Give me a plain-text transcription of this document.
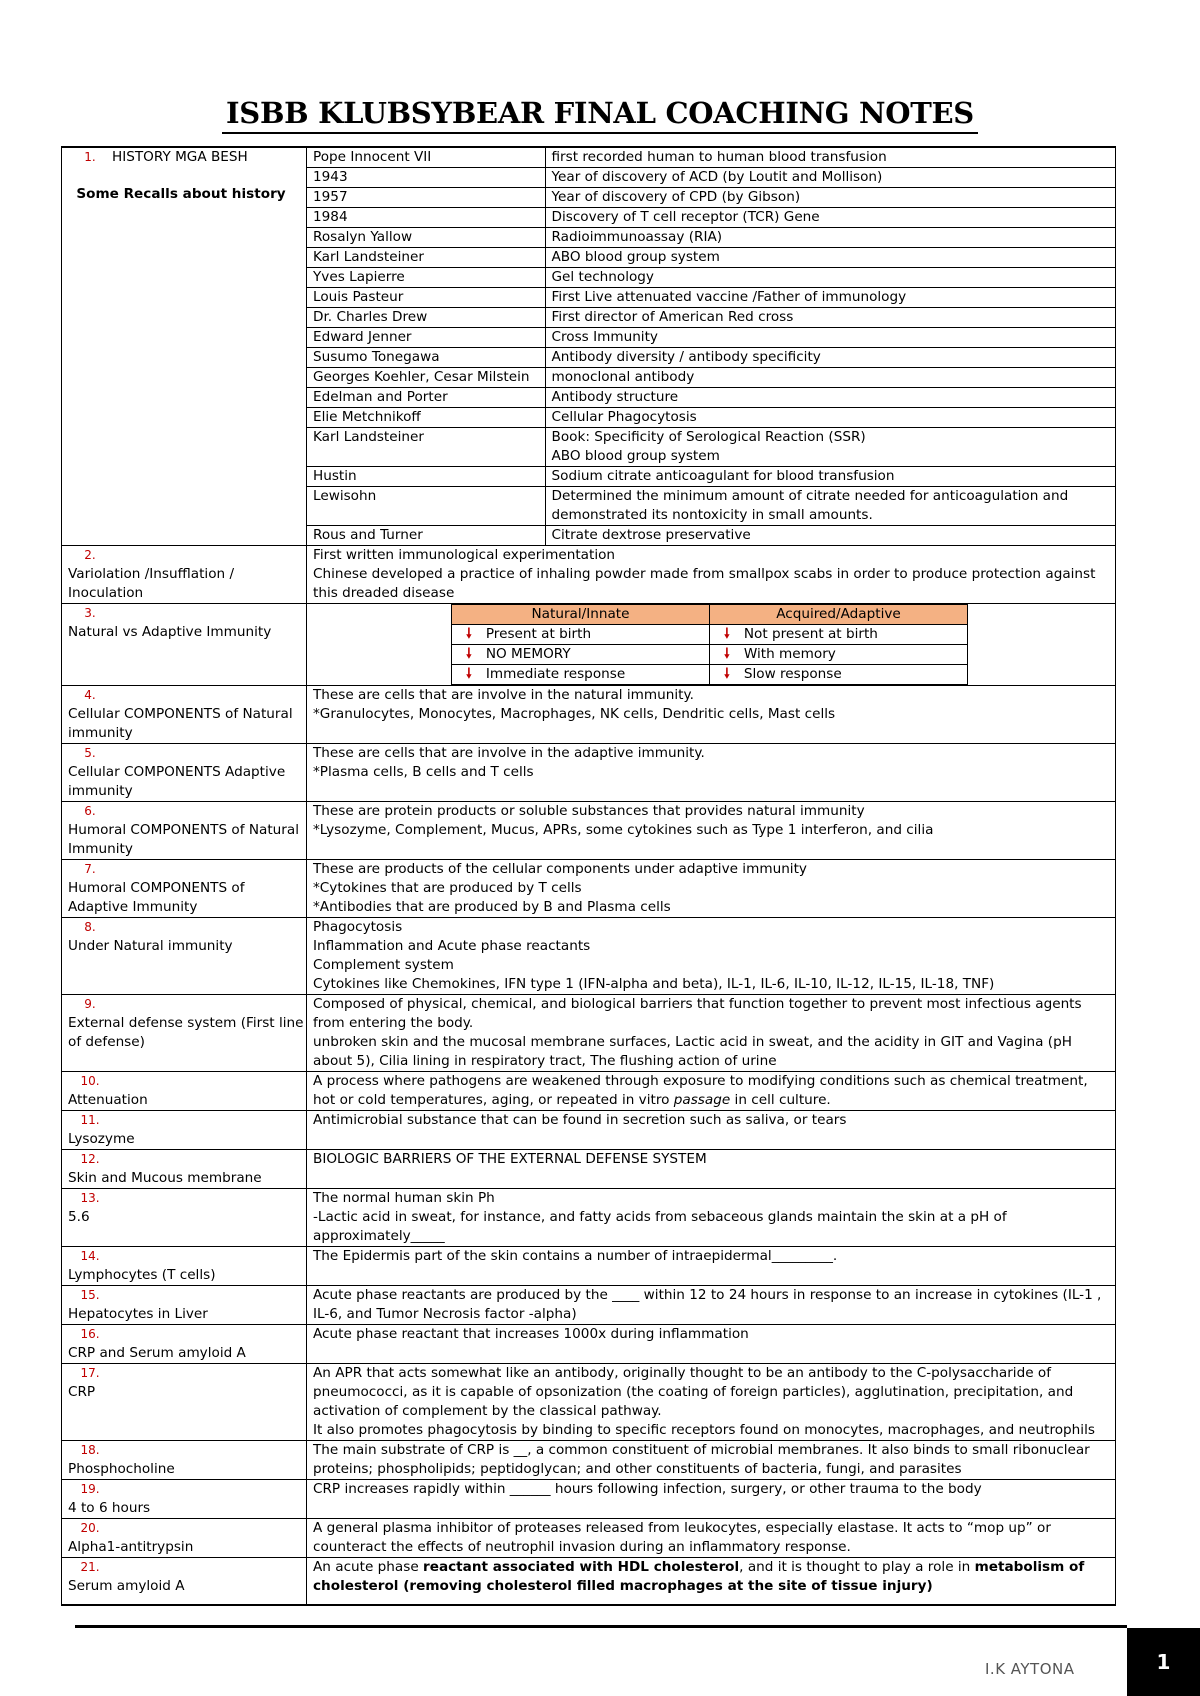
ISBB KLUBSYBEAR FINAL COACHING NOTES
1. HISTORY MGA BESH
Some Recalls about history

Pope Innocent VII	first recorded human to human blood transfusion
1943	Year of discovery of ACD (by Loutit and Mollison)
1957	Year of discovery of CPD (by Gibson)
1984	Discovery of T cell receptor (TCR) Gene
Rosalyn Yallow	Radioimmunoassay (RIA)
Karl Landsteiner	ABO blood group system
Yves Lapierre	Gel technology
Louis Pasteur	First Live attenuated vaccine /Father of immunology
Dr. Charles Drew	First director of American Red cross
Edward Jenner	Cross Immunity
Susumo Tonegawa	Antibody diversity / antibody specificity
Georges Koehler, Cesar Milstein	monoclonal antibody
Edelman and Porter	Antibody structure
Elie Metchnikoff	Cellular Phagocytosis
Karl Landsteiner	Book: Specificity of Serological Reaction (SSR)
ABO blood group system
Hustin	Sodium citrate anticoagulant for blood transfusion
Lewisohn	Determined the minimum amount of citrate needed for anticoagulation and demonstrated its nontoxicity in small amounts.
Rous and Turner	Citrate dextrose preservative

2.Variolation /Insufflation / Inoculation	First written immunological experimentation
Chinese developed a practice of inhaling powder made from smallpox scabs in order to produce protection against this dreaded disease
3.Natural vs Adaptive Immunity	
Natural/Innate	Acquired/Adaptive
🠗 Present at birth	🠗 Not present at birth
🠗 NO MEMORY	🠗 With memory
🠗 Immediate response	🠗 Slow response

4.Cellular COMPONENTS of Natural immunity	These are cells that are involve in the natural immunity.
*Granulocytes, Monocytes, Macrophages, NK cells, Dendritic cells, Mast cells
5.Cellular COMPONENTS Adaptive immunity	These are cells that are involve in the adaptive immunity.
*Plasma cells, B cells and T cells
6.Humoral COMPONENTS of Natural Immunity	These are protein products or soluble substances that provides natural immunity
*Lysozyme, Complement, Mucus, APRs, some cytokines such as Type 1 interferon, and cilia
7.Humoral COMPONENTS of Adaptive Immunity	These are products of the cellular components under adaptive immunity
*Cytokines that are produced by T cells
*Antibodies that are produced by B and Plasma cells
8.Under Natural immunity	Phagocytosis
Inflammation and Acute phase reactants
Complement system
Cytokines like Chemokines, IFN type 1 (IFN-alpha and beta), IL-1, IL-6, IL-10, IL-12, IL-15, IL-18, TNF)
9.External defense system (First line of defense)	Composed of physical, chemical, and biological barriers that function together to prevent most infectious agents from entering the body.
unbroken skin and the mucosal membrane surfaces, Lactic acid in sweat, and the acidity in GIT and Vagina (pH about 5), Cilia lining in respiratory tract, The flushing action of urine
10.Attenuation	A process where pathogens are weakened through exposure to modifying conditions such as chemical treatment, hot or cold temperatures, aging, or repeated in vitro passage in cell culture.
11.Lysozyme	Antimicrobial substance that can be found in secretion such as saliva, or tears
12.Skin and Mucous membrane	BIOLOGIC BARRIERS OF THE EXTERNAL DEFENSE SYSTEM
13.5.6	The normal human skin Ph
-Lactic acid in sweat, for instance, and fatty acids from sebaceous glands maintain the skin at a pH of approximately_____
14.Lymphocytes (T cells)	The Epidermis part of the skin contains a number of intraepidermal_________.
15.Hepatocytes in Liver	Acute phase reactants are produced by the ____ within 12 to 24 hours in response to an increase in cytokines (IL-1 , IL-6, and Tumor Necrosis factor -alpha)
16.CRP and Serum amyloid A	Acute phase reactant that increases 1000x during inflammation
17.CRP	An APR that acts somewhat like an antibody, originally thought to be an antibody to the C-polysaccharide of pneumococci, as it is capable of opsonization (the coating of foreign particles), agglutination, precipitation, and activation of complement by the classical pathway.
It also promotes phagocytosis by binding to specific receptors found on monocytes, macrophages, and neutrophils
18.Phosphocholine	The main substrate of CRP is __, a common constituent of microbial membranes. It also binds to small ribonuclear proteins; phospholipids; peptidoglycan; and other constituents of bacteria, fungi, and parasites
19.4 to 6 hours	CRP increases rapidly within ______ hours following infection, surgery, or other trauma to the body
20.Alpha1-antitrypsin	A general plasma inhibitor of proteases released from leukocytes, especially elastase. It acts to “mop up” or counteract the effects of neutrophil invasion during an inflammatory response.
21.Serum amyloid A	An acute phase reactant associated with HDL cholesterol, and it is thought to play a role in metabolism of cholesterol (removing cholesterol filled macrophages at the site of tissue injury)
I.K AYTONA	1
